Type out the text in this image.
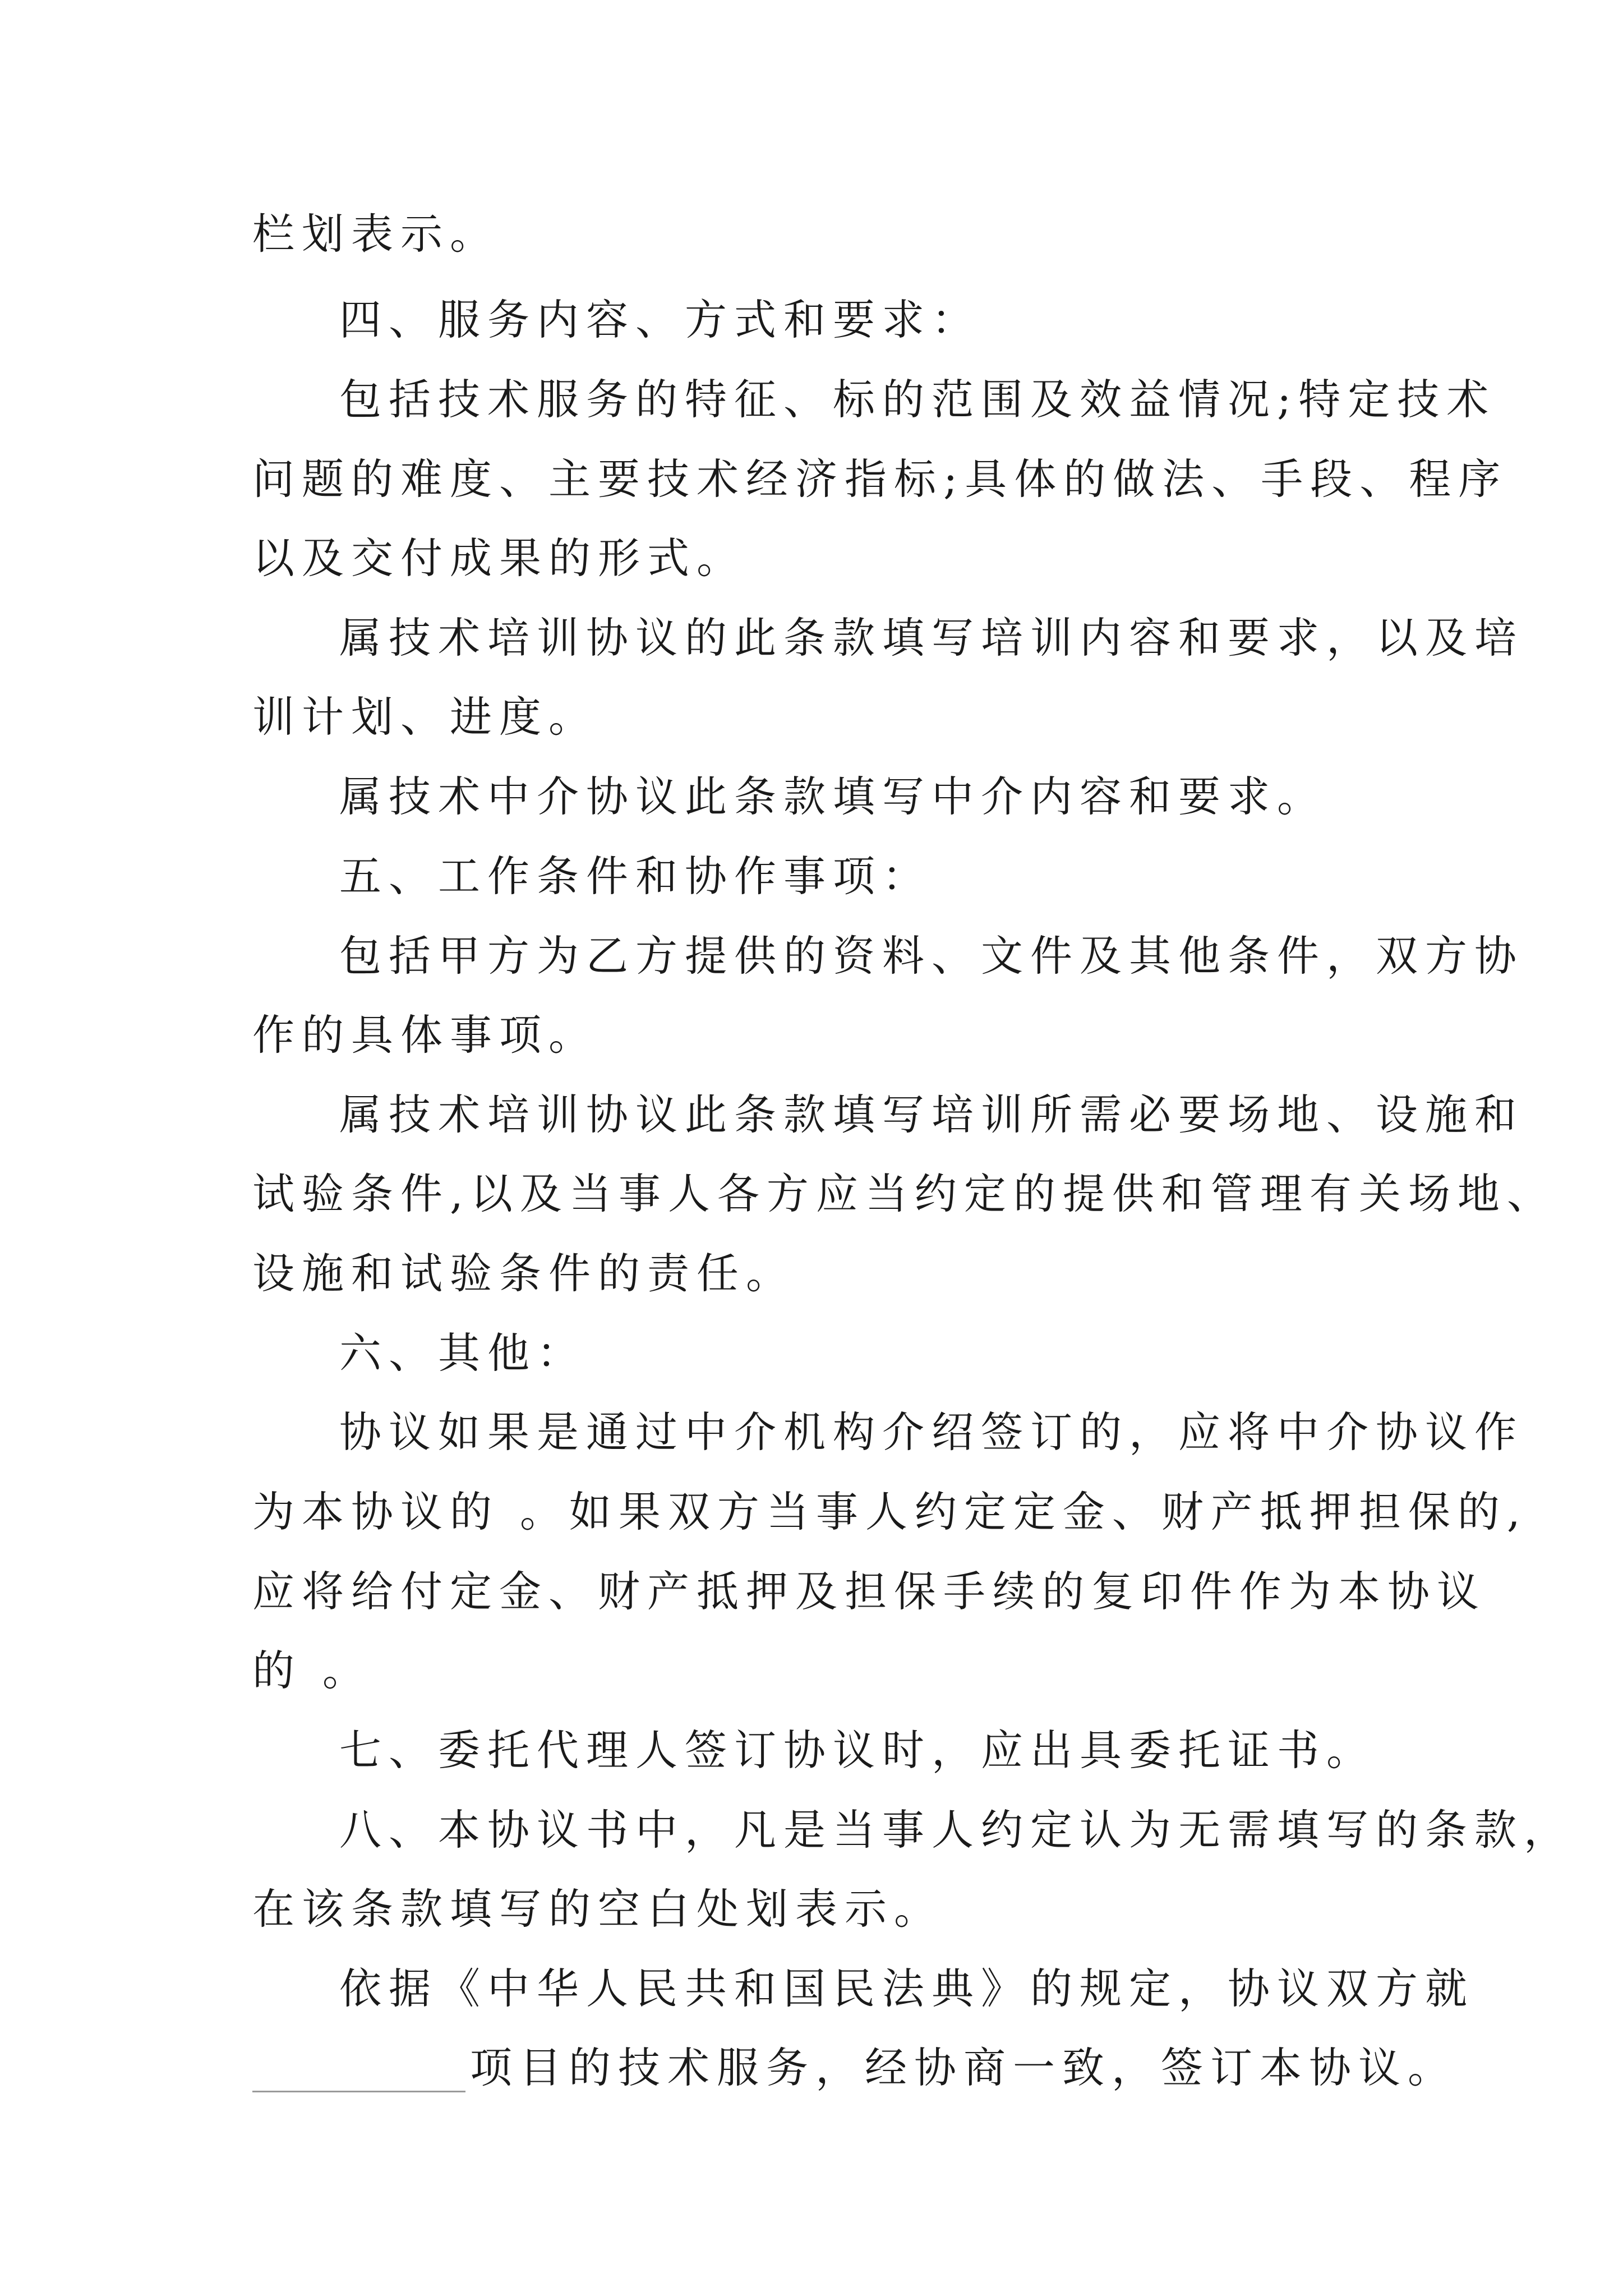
栏划表示。
四、服务内容、方式和要求：
包括技术服务的特征、标的范围及效益情况;特定技术
问题的难度、主要技术经济指标;具体的做法、手段、程序
以及交付成果的形式。
属技术培训协议的此条款填写培训内容和要求，以及培
训计划、进度。
属技术中介协议此条款填写中介内容和要求。
五、工作条件和协作事项：
包括甲方为乙方提供的资料、文件及其他条件，双方协
作的具体事项。
属技术培训协议此条款填写培训所需必要场地、设施和
试验条件,以及当事人各方应当约定的提供和管理有关场地、
设施和试验条件的责任。
六、其他：
协议如果是通过中介机构介绍签订的，应将中介协议作
为本协议的 。如果双方当事人约定定金、财产抵押担保的,
应将给付定金、财产抵押及担保手续的复印件作为本协议
的 。
七、委托代理人签订协议时，应出具委托证书。
八、本协议书中，凡是当事人约定认为无需填写的条款，
在该条款填写的空白处划表示。
依据《中华人民共和国民法典》的规定，协议双方就
项目的技术服务，经协商一致，签订本协议。
